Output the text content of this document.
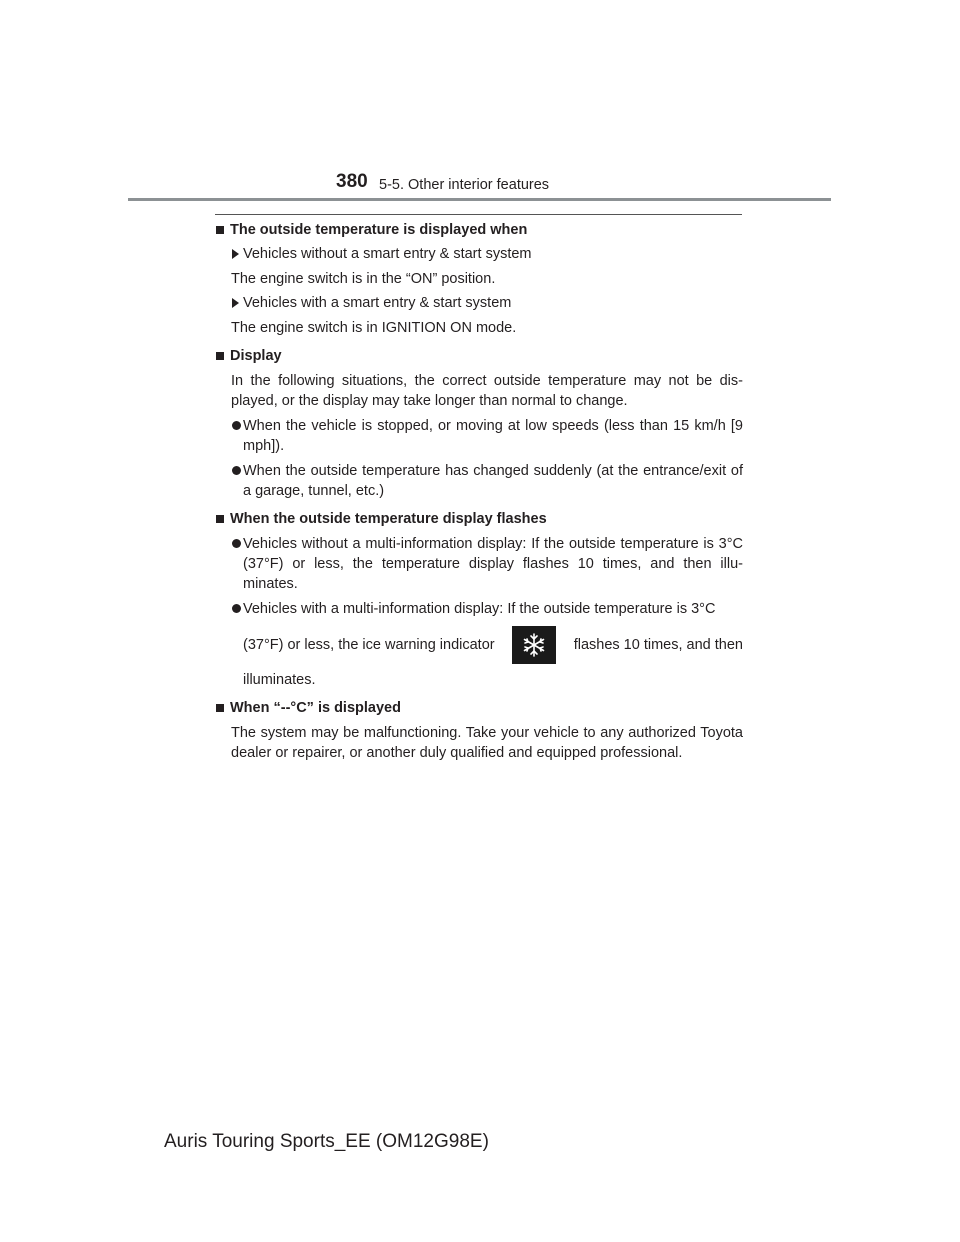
380 5-5. Other interior features
The outside temperature is displayed when
Vehicles without a smart entry & start system
The engine switch is in the “ON” position.
Vehicles with a smart entry & start system
The engine switch is in IGNITION ON mode.
Display
In the following situations, the correct outside temperature may not be dis-played, or the display may take longer than normal to change.
When the vehicle is stopped, or moving at low speeds (less than 15 km/h [9 mph]).
When the outside temperature has changed suddenly (at the entrance/exit of a garage, tunnel, etc.)
When the outside temperature display flashes
Vehicles without a multi-information display: If the outside temperature is 3°C (37°F) or less, the temperature display flashes 10 times, and then illu-minates.
Vehicles with a multi-information display: If the outside temperature is 3°C
(37°F) or less, the ice warning indicator	flashes 10 times, and then
illuminates.
When “--°C” is displayed
The system may be malfunctioning. Take your vehicle to any authorized Toyota dealer or repairer, or another duly qualified and equipped professional.
Auris Touring Sports_EE (OM12G98E)
